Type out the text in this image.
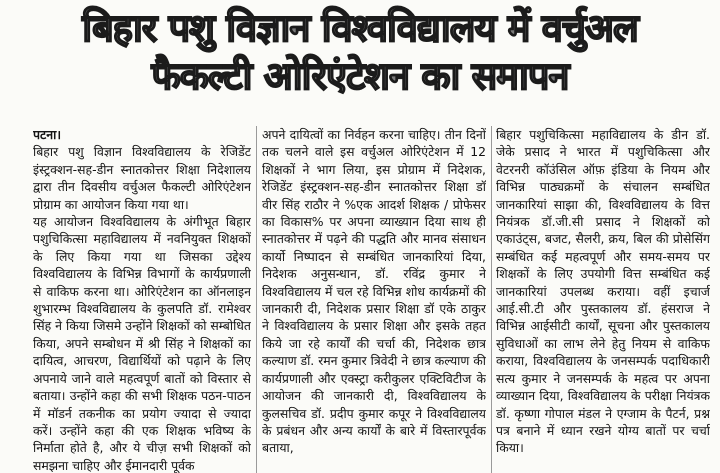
बिहार पशु विज्ञान विश्वविद्यालय में वर्चुअल
फैकल्टी ओरिएंटेशन का समापन
पटना।

बिहार पशु विज्ञान विश्वविद्यालय के रेजिडेंट इंस्ट्रक्शन-सह-डीन स्नातकोत्तर शिक्षा निदेशालय द्वारा तीन दिवसीय वर्चुअल फैकल्टी ओरिएंटेशन प्रोग्राम का आयोजन किया गया था।

यह आयोजन विश्वविद्यालय के अंगीभूत बिहार पशुचिकित्सा महाविद्यालय में नवनियुक्त शिक्षकों के लिए किया गया था जिसका उद्देश्य विश्वविद्यालय के विभिन्न विभागों के कार्यप्रणाली से वाकिफ करना था। ओरिएंटेशन का ऑनलाइन शुभारम्भ विश्वविद्यालय के कुलपति डॉ. रामेश्वर सिंह ने किया जिसमे उन्होंने शिक्षकों को सम्बोधित किया, अपने सम्बोधन में श्री सिंह ने शिक्षकों का दायित्व, आचरण, विद्यार्थियों को पढ़ाने के लिए अपनाये जाने वाले महत्वपूर्ण बातों को विस्तार से बताया। उन्होंने कहा की सभी शिक्षक पठन-पाठन में मॉडर्न तकनीक का प्रयोग ज्यादा से ज्यादा करें। उन्होंने कहा की एक शिक्षक भविष्य के निर्माता होते है, और ये चीज़ सभी शिक्षकों को समझना चाहिए और ईमानदारी पूर्वक

अपने दायित्वों का निर्वहन करना चाहिए। तीन दिनों तक चलने वाले इस वर्चुअल ओरिएंटेशन में 12 शिक्षकों ने भाग लिया, इस प्रोग्राम में निदेशक, रेजिडेंट इंस्ट्रक्शन-सह-डीन स्नातकोत्तर शिक्षा डॉ वीर सिंह राठौर ने %एक आदर्श शिक्षक / प्रोफेसर का विकास% पर अपना व्याख्यान दिया साथ ही स्नातकोत्तर में पढ़ने की पद्धति और मानव संसाधन कार्यो निष्पादन से सम्बंधित जानकारियां दिया, निदेशक अनुसन्धान, डॉ. रविंद्र कुमार ने विश्वविद्यालय में चल रहे विभिन्न शोध कार्यक्रमों की जानकारी दी, निदेशक प्रसार शिक्षा डॉ एके ठाकुर ने विश्वविद्यालय के प्रसार शिक्षा और इसके तहत किये जा रहे कार्यों की चर्चा की, निदेशक छात्र कल्याण डॉ. रमन कुमार त्रिवेदी ने छात्र कल्याण की कार्यप्रणाली और एक्स्ट्रा करीकुलर एक्टिविटीज के आयोजन की जानकारी दी, विश्वविद्यालय के कुलसचिव डॉ. प्रदीप कुमार कपूर ने विश्वविद्यालय के प्रबंधन और अन्य कार्यों के बारे में विस्तारपूर्वक बताया,

बिहार पशुचिकित्सा महाविद्यालय के डीन डॉ. जेके प्रसाद ने भारत में पशुचिकित्सा और वेटरनरी कॉउंसिल ऑफ़ इंडिया के नियम और विभिन्न पाठ्यक्रमों के संचालन सम्बंधित जानकारियां साझा की, विश्वविद्यालय के वित्त नियंत्रक डॉ.जी.सी प्रसाद ने शिक्षकों को एकाउंट्स, बजट, सैलरी, क्रय, बिल की प्रोसेसिंग सम्बंधित कई महत्वपूर्ण और समय-समय पर शिक्षकों के लिए उपयोगी वित्त सम्बंधित कई जानकारियां उपलब्ध कराया। वहीं इचार्ज आई.सी.टी और पुस्तकालय डॉ. हंसराज ने विभिन्न आईसीटी कार्यों, सूचना और पुस्तकालय सुविधाओं का लाभ लेने हेतु नियम से वाकिफ कराया, विश्वविद्यालय के जनसम्पर्क पदाधिकारी सत्य कुमार ने जनसम्पर्क के महत्व पर अपना व्याख्यान दिया, विश्वविद्यालय के परीक्षा नियंत्रक डॉ. कृष्णा गोपाल मंडल ने एग्जाम के पैटर्न, प्रश्न पत्र बनाने में ध्यान रखने योग्य बातों पर चर्चा किया।
